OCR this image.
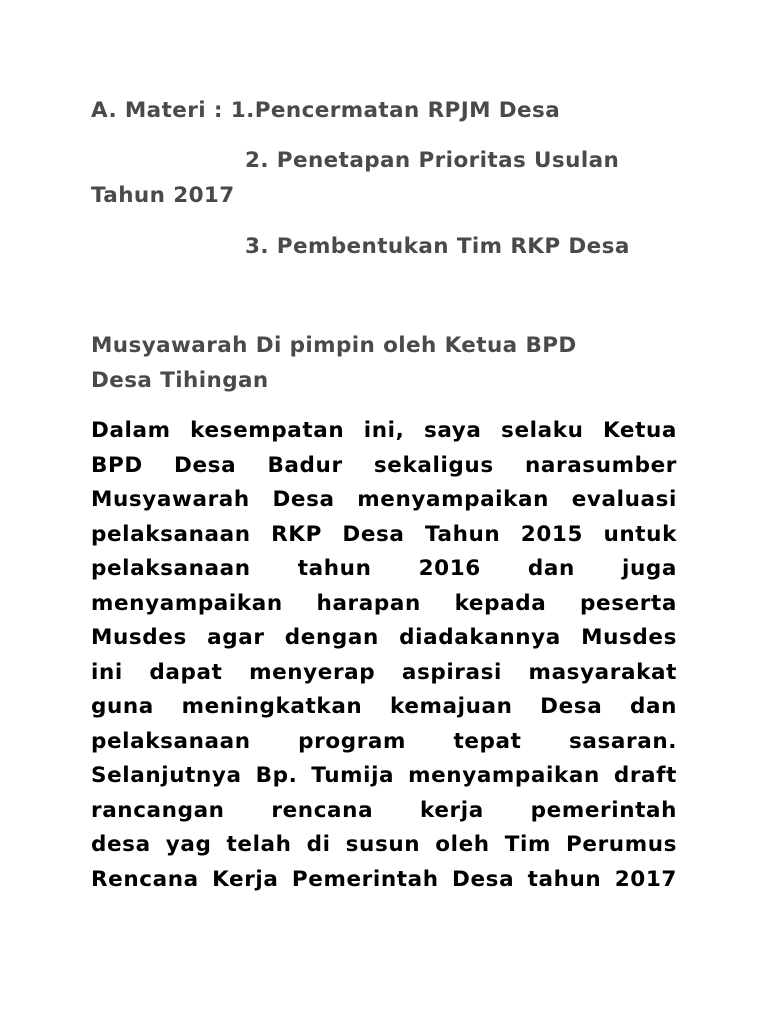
A. Materi : 1.Pencermatan RPJM Desa
2. Penetapan Prioritas Usulan
Tahun 2017
3. Pembentukan Tim RKP Desa
Musyawarah Di pimpin oleh Ketua BPD
Desa Tihingan
Dalam kesempatan ini, saya selaku Ketua
BPD Desa Badur sekaligus narasumber
Musyawarah Desa menyampaikan evaluasi
pelaksanaan RKP Desa Tahun 2015 untuk
pelaksanaan tahun 2016 dan juga
menyampaikan harapan kepada peserta
Musdes agar dengan diadakannya Musdes
ini dapat menyerap aspirasi masyarakat
guna meningkatkan kemajuan Desa dan
pelaksanaan program tepat sasaran.
Selanjutnya Bp. Tumija menyampaikan draft
rancangan rencana kerja pemerintah
desa yag telah di susun oleh Tim Perumus
Rencana Kerja Pemerintah Desa tahun 2017
